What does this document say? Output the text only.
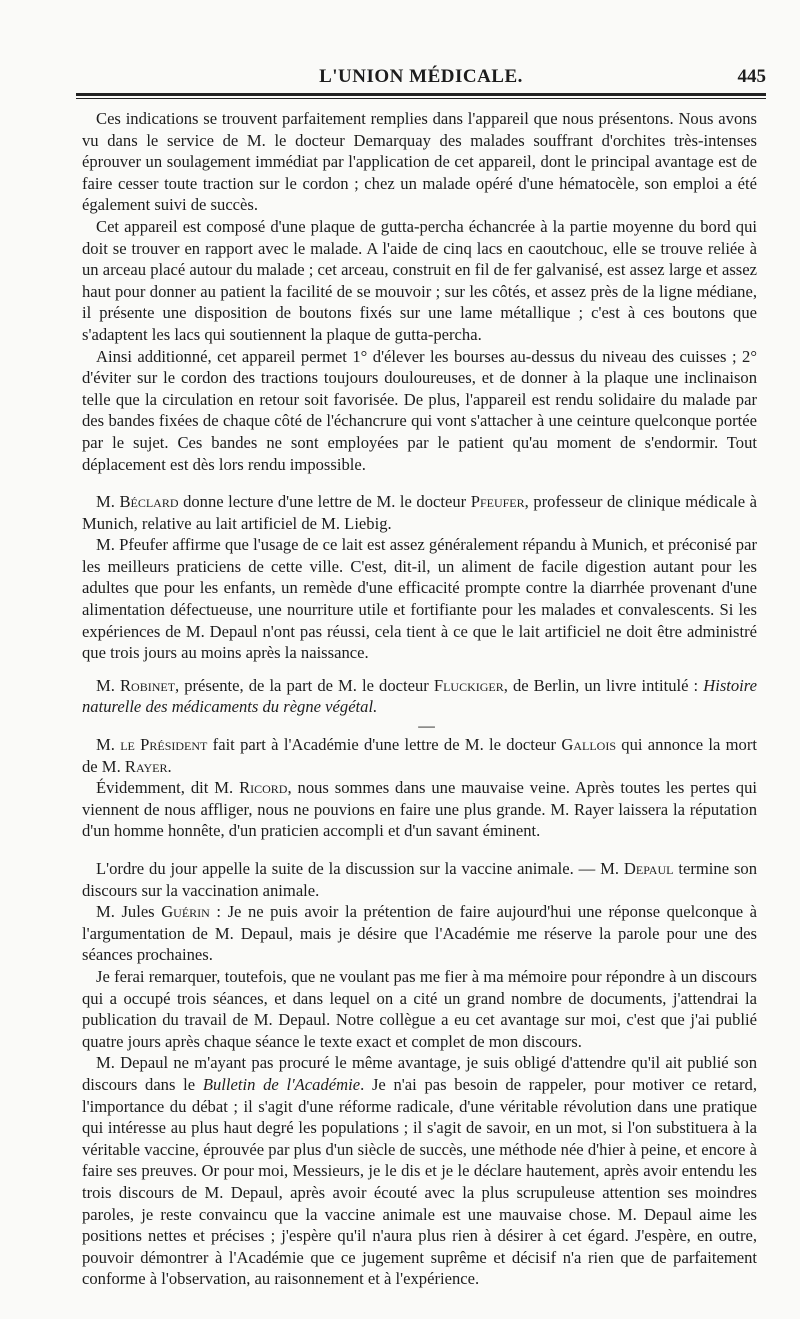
L'UNION MÉDICALE.	445

Ces indications se trouvent parfaitement remplies dans l'appareil que nous présentons. Nous avons vu dans le service de M. le docteur Demarquay des malades souffrant d'orchites très-intenses éprouver un soulagement immédiat par l'application de cet appareil, dont le principal avantage est de faire cesser toute traction sur le cordon ; chez un malade opéré d'une hématocèle, son emploi a été également suivi de succès.

Cet appareil est composé d'une plaque de gutta-percha échancrée à la partie moyenne du bord qui doit se trouver en rapport avec le malade. A l'aide de cinq lacs en caoutchouc, elle se trouve reliée à un arceau placé autour du malade ; cet arceau, construit en fil de fer galvanisé, est assez large et assez haut pour donner au patient la facilité de se mouvoir ; sur les côtés, et assez près de la ligne médiane, il présente une disposition de boutons fixés sur une lame métallique ; c'est à ces boutons que s'adaptent les lacs qui soutiennent la plaque de gutta-percha.

Ainsi additionné, cet appareil permet 1° d'élever les bourses au-dessus du niveau des cuisses ; 2° d'éviter sur le cordon des tractions toujours douloureuses, et de donner à la plaque une inclinaison telle que la circulation en retour soit favorisée. De plus, l'appareil est rendu solidaire du malade par des bandes fixées de chaque côté de l'échancrure qui vont s'attacher à une ceinture quelconque portée par le sujet. Ces bandes ne sont employées par le patient qu'au moment de s'endormir. Tout déplacement est dès lors rendu impossible.

M. Béclard donne lecture d'une lettre de M. le docteur Pfeufer, professeur de clinique médicale à Munich, relative au lait artificiel de M. Liebig.

M. Pfeufer affirme que l'usage de ce lait est assez généralement répandu à Munich, et préconisé par les meilleurs praticiens de cette ville. C'est, dit-il, un aliment de facile digestion autant pour les adultes que pour les enfants, un remède d'une efficacité prompte contre la diarrhée provenant d'une alimentation défectueuse, une nourriture utile et fortifiante pour les malades et convalescents. Si les expériences de M. Depaul n'ont pas réussi, cela tient à ce que le lait artificiel ne doit être administré que trois jours au moins après la naissance.

M. Robinet, présente, de la part de M. le docteur Fluckiger, de Berlin, un livre intitulé : Histoire naturelle des médicaments du règne végétal.

—

M. le Président fait part à l'Académie d'une lettre de M. le docteur Gallois qui annonce la mort de M. Rayer.

Évidemment, dit M. Ricord, nous sommes dans une mauvaise veine. Après toutes les pertes qui viennent de nous affliger, nous ne pouvions en faire une plus grande. M. Rayer laissera la réputation d'un homme honnête, d'un praticien accompli et d'un savant éminent.

L'ordre du jour appelle la suite de la discussion sur la vaccine animale. — M. Depaul termine son discours sur la vaccination animale.

M. Jules Guérin : Je ne puis avoir la prétention de faire aujourd'hui une réponse quelconque à l'argumentation de M. Depaul, mais je désire que l'Académie me réserve la parole pour une des séances prochaines.

Je ferai remarquer, toutefois, que ne voulant pas me fier à ma mémoire pour répondre à un discours qui a occupé trois séances, et dans lequel on a cité un grand nombre de documents, j'attendrai la publication du travail de M. Depaul. Notre collègue a eu cet avantage sur moi, c'est que j'ai publié quatre jours après chaque séance le texte exact et complet de mon discours.

M. Depaul ne m'ayant pas procuré le même avantage, je suis obligé d'attendre qu'il ait publié son discours dans le Bulletin de l'Académie. Je n'ai pas besoin de rappeler, pour motiver ce retard, l'importance du débat ; il s'agit d'une réforme radicale, d'une véritable révolution dans une pratique qui intéresse au plus haut degré les populations ; il s'agit de savoir, en un mot, si l'on substituera à la véritable vaccine, éprouvée par plus d'un siècle de succès, une méthode née d'hier à peine, et encore à faire ses preuves. Or pour moi, Messieurs, je le dis et je le déclare hautement, après avoir entendu les trois discours de M. Depaul, après avoir écouté avec la plus scrupuleuse attention ses moindres paroles, je reste convaincu que la vaccine animale est une mauvaise chose. M. Depaul aime les positions nettes et précises ; j'espère qu'il n'aura plus rien à désirer à cet égard. J'espère, en outre, pouvoir démontrer à l'Académie que ce jugement suprême et décisif n'a rien que de parfaitement conforme à l'observation, au raisonnement et à l'expérience.
